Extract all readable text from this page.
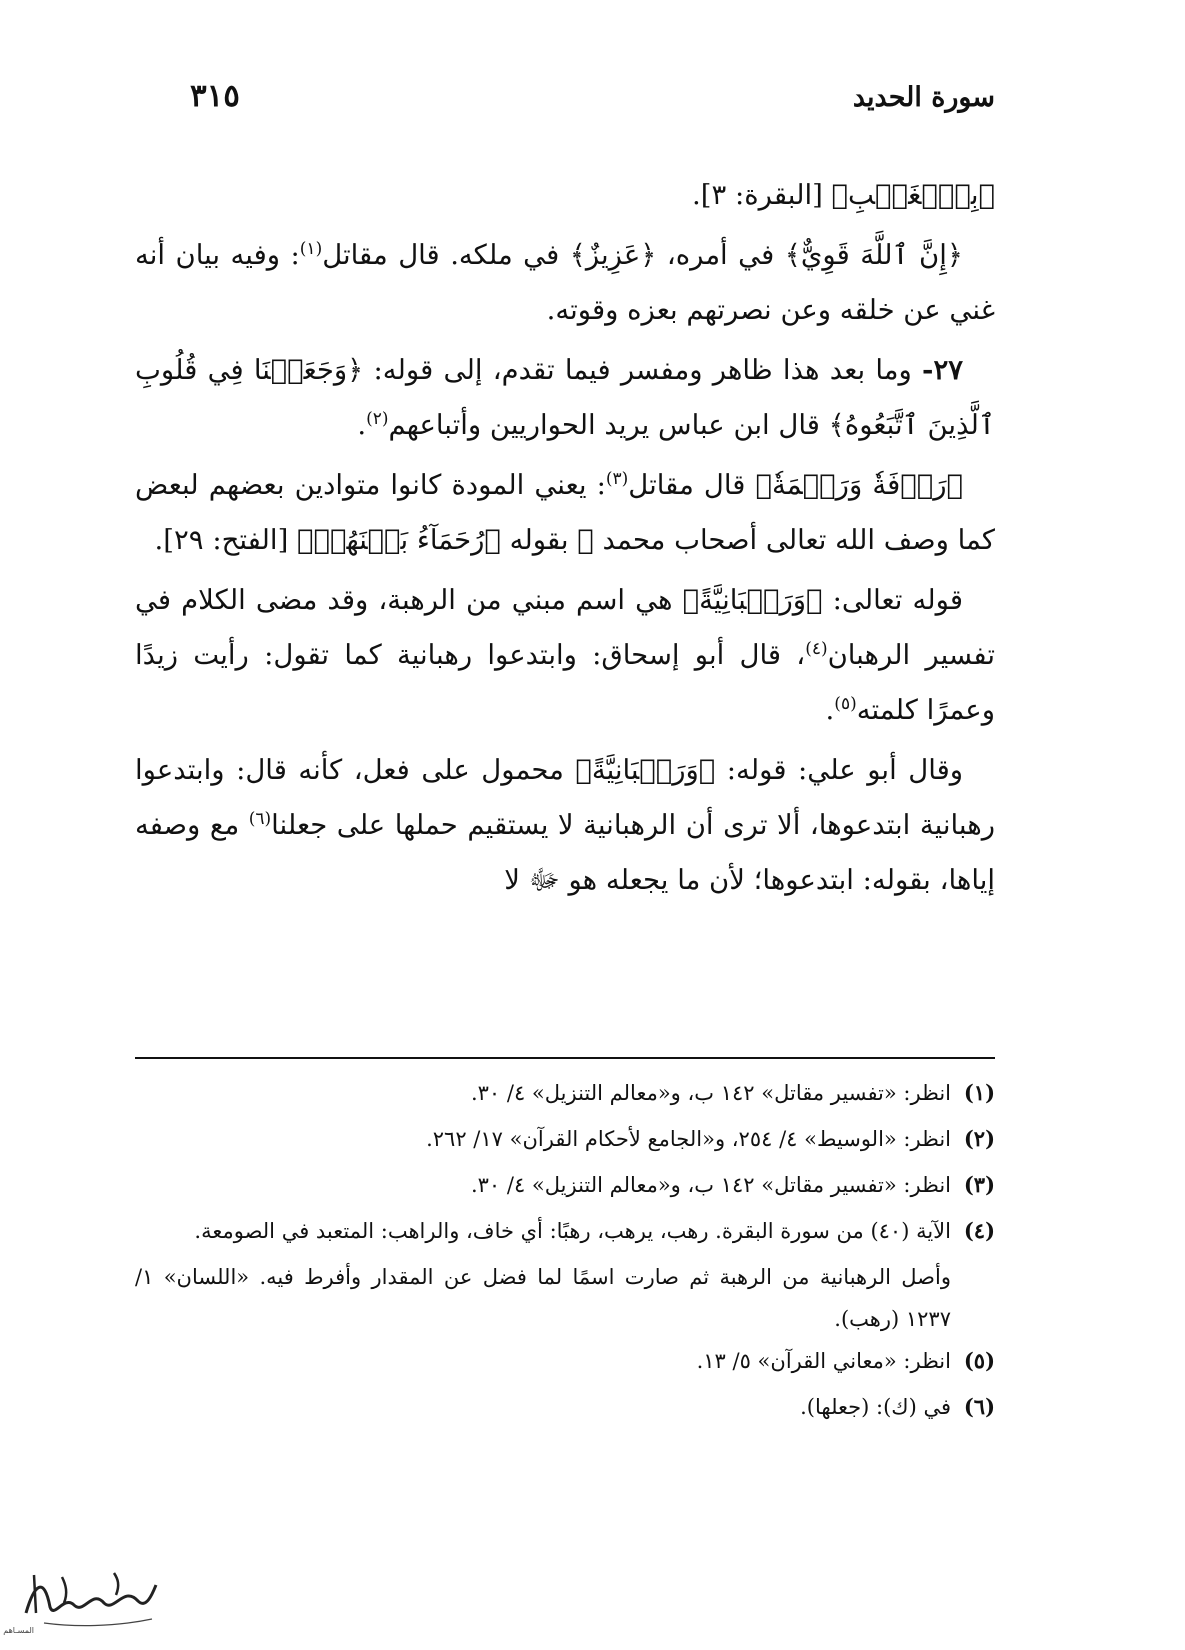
سورة الحديد
٣١٥

﴿بِٱلۡغَيۡبِ﴾ [البقرة: ٣].

﴿إِنَّ ٱللَّهَ قَوِيٌّ﴾ في أمره، ﴿عَزِيزٌ﴾ في ملكه. قال مقاتل$^{(١)}$: وفيه بيان أنه غني عن خلقه وعن نصرتهم بعزه وقوته.

٢٧- وما بعد هذا ظاهر ومفسر فيما تقدم، إلى قوله: ﴿وَجَعَلۡنَا فِي قُلُوبِ ٱلَّذِينَ ٱتَّبَعُوهُ﴾ قال ابن عباس يريد الحواريين وأتباعهم$^{(٢)}$.

﴿رَأۡفَةٗ وَرَحۡمَةٗ﴾ قال مقاتل$^{(٣)}$: يعني المودة كانوا متوادين بعضهم لبعض كما وصف الله تعالى أصحاب محمد ﷺ بقوله ﴿رُحَمَآءُ بَيۡنَهُمۡ﴾ [الفتح: ٢٩].

قوله تعالى: ﴿وَرَهۡبَانِيَّةً﴾ هي اسم مبني من الرهبة، وقد مضى الكلام في تفسير الرهبان$^{(٤)}$، قال أبو إسحاق: وابتدعوا رهبانية كما تقول: رأيت زيدًا وعمرًا كلمته$^{(٥)}$.

وقال أبو علي: قوله: ﴿وَرَهۡبَانِيَّةً﴾ محمول على فعل، كأنه قال: وابتدعوا رهبانية ابتدعوها، ألا ترى أن الرهبانية لا يستقيم حملها على جعلنا$^{(٦)}$ مع وصفه إياها، بقوله: ابتدعوها؛ لأن ما يجعله هو ﷻ لا

(١)
انظر: «تفسير مقاتل» ١٤٢ ب، و«معالم التنزيل» ٤/ ٣٠.
(٢)
انظر: «الوسيط» ٤/ ٢٥٤، و«الجامع لأحكام القرآن» ١٧/ ٢٦٢.
(٣)
انظر: «تفسير مقاتل» ١٤٢ ب، و«معالم التنزيل» ٤/ ٣٠.
(٤)
الآية (٤٠) من سورة البقرة. رهب، يرهب، رهبًا: أي خاف، والراهب: المتعبد في الصومعة.
وأصل الرهبانية من الرهبة ثم صارت اسمًا لما فضل عن المقدار وأفرط فيه. «اللسان» ١/ ١٢٣٧ (رهب).
(٥)
انظر: «معاني القرآن» ٥/ ١٣.
(٦)
في (ك): (جعلها).
المسـاهم
